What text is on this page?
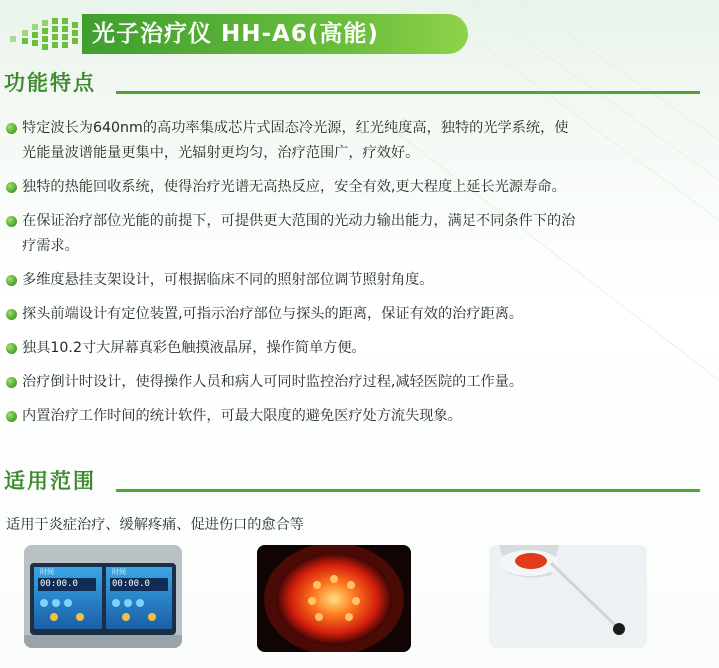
光子治疗仪 HH-A6(高能)
功能特点
特定波长为640nm的高功率集成芯片式固态冷光源，红光纯度高，独特的光学系统，使
光能量波谱能量更集中，光辐射更均匀，治疗范围广，疗效好。
独特的热能回收系统，使得治疗光谱无高热反应，安全有效,更大程度上延长光源寿命。
在保证治疗部位光能的前提下，可提供更大范围的光动力输出能力，满足不同条件下的治
疗需求。
多维度悬挂支架设计，可根据临床不同的照射部位调节照射角度。
探头前端设计有定位装置,可指示治疗部位与探头的距离，保证有效的治疗距离。
独具10.2寸大屏幕真彩色触摸液晶屏，操作简单方便。
治疗倒计时设计，使得操作人员和病人可同时监控治疗过程,减轻医院的工作量。
内置治疗工作时间的统计软件，可最大限度的避免医疗处方流失现象。
适用范围
适用于炎症治疗、缓解疼痛、促进伤口的愈合等
时间	时间
00:00.0	00:00.0
